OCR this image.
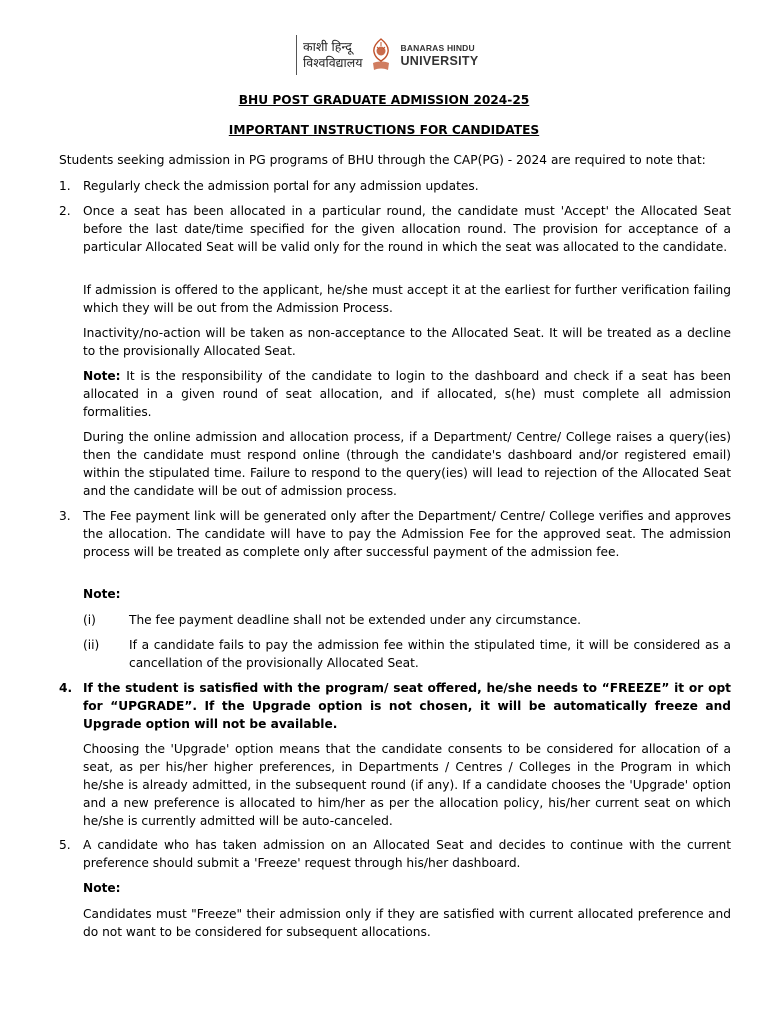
काशी हिन्दू
विश्वविद्यालय
BANARAS HINDU
UNIVERSITY
BHU POST GRADUATE ADMISSION 2024-25
IMPORTANT INSTRUCTIONS FOR CANDIDATES
Students seeking admission in PG programs of BHU through the CAP(PG) - 2024 are required to note that:
1. Regularly check the admission portal for any admission updates.
2. Once a seat has been allocated in a particular round, the candidate must 'Accept' the Allocated Seat before the last date/time specified for the given allocation round. The provision for acceptance of a particular Allocated Seat will be valid only for the round in which the seat was allocated to the candidate.
If admission is offered to the applicant, he/she must accept it at the earliest for further verification failing which they will be out from the Admission Process.
Inactivity/no-action will be taken as non-acceptance to the Allocated Seat. It will be treated as a decline to the provisionally Allocated Seat.
Note: It is the responsibility of the candidate to login to the dashboard and check if a seat has been allocated in a given round of seat allocation, and if allocated, s(he) must complete all admission formalities.
During the online admission and allocation process, if a Department/ Centre/ College raises a query(ies) then the candidate must respond online (through the candidate's dashboard and/or registered email) within the stipulated time. Failure to respond to the query(ies) will lead to rejection of the Allocated Seat and the candidate will be out of admission process.
3. The Fee payment link will be generated only after the Department/ Centre/ College verifies and approves the allocation. The candidate will have to pay the Admission Fee for the approved seat. The admission process will be treated as complete only after successful payment of the admission fee.
Note:
(i)	The fee payment deadline shall not be extended under any circumstance.
(ii) If a candidate fails to pay the admission fee within the stipulated time, it will be considered as a cancellation of the provisionally Allocated Seat.
4. If the student is satisfied with the program/ seat offered, he/she needs to “FREEZE” it or opt for “UPGRADE”. If the Upgrade option is not chosen, it will be automatically freeze and Upgrade option will not be available.
Choosing the 'Upgrade' option means that the candidate consents to be considered for allocation of a seat, as per his/her higher preferences, in Departments / Centres / Colleges in the Program in which he/she is already admitted, in the subsequent round (if any). If a candidate chooses the 'Upgrade' option and a new preference is allocated to him/her as per the allocation policy, his/her current seat on which he/she is currently admitted will be auto-canceled.
5. A candidate who has taken admission on an Allocated Seat and decides to continue with the current preference should submit a 'Freeze' request through his/her dashboard.
Note:
Candidates must "Freeze" their admission only if they are satisfied with current allocated preference and do not want to be considered for subsequent allocations.
